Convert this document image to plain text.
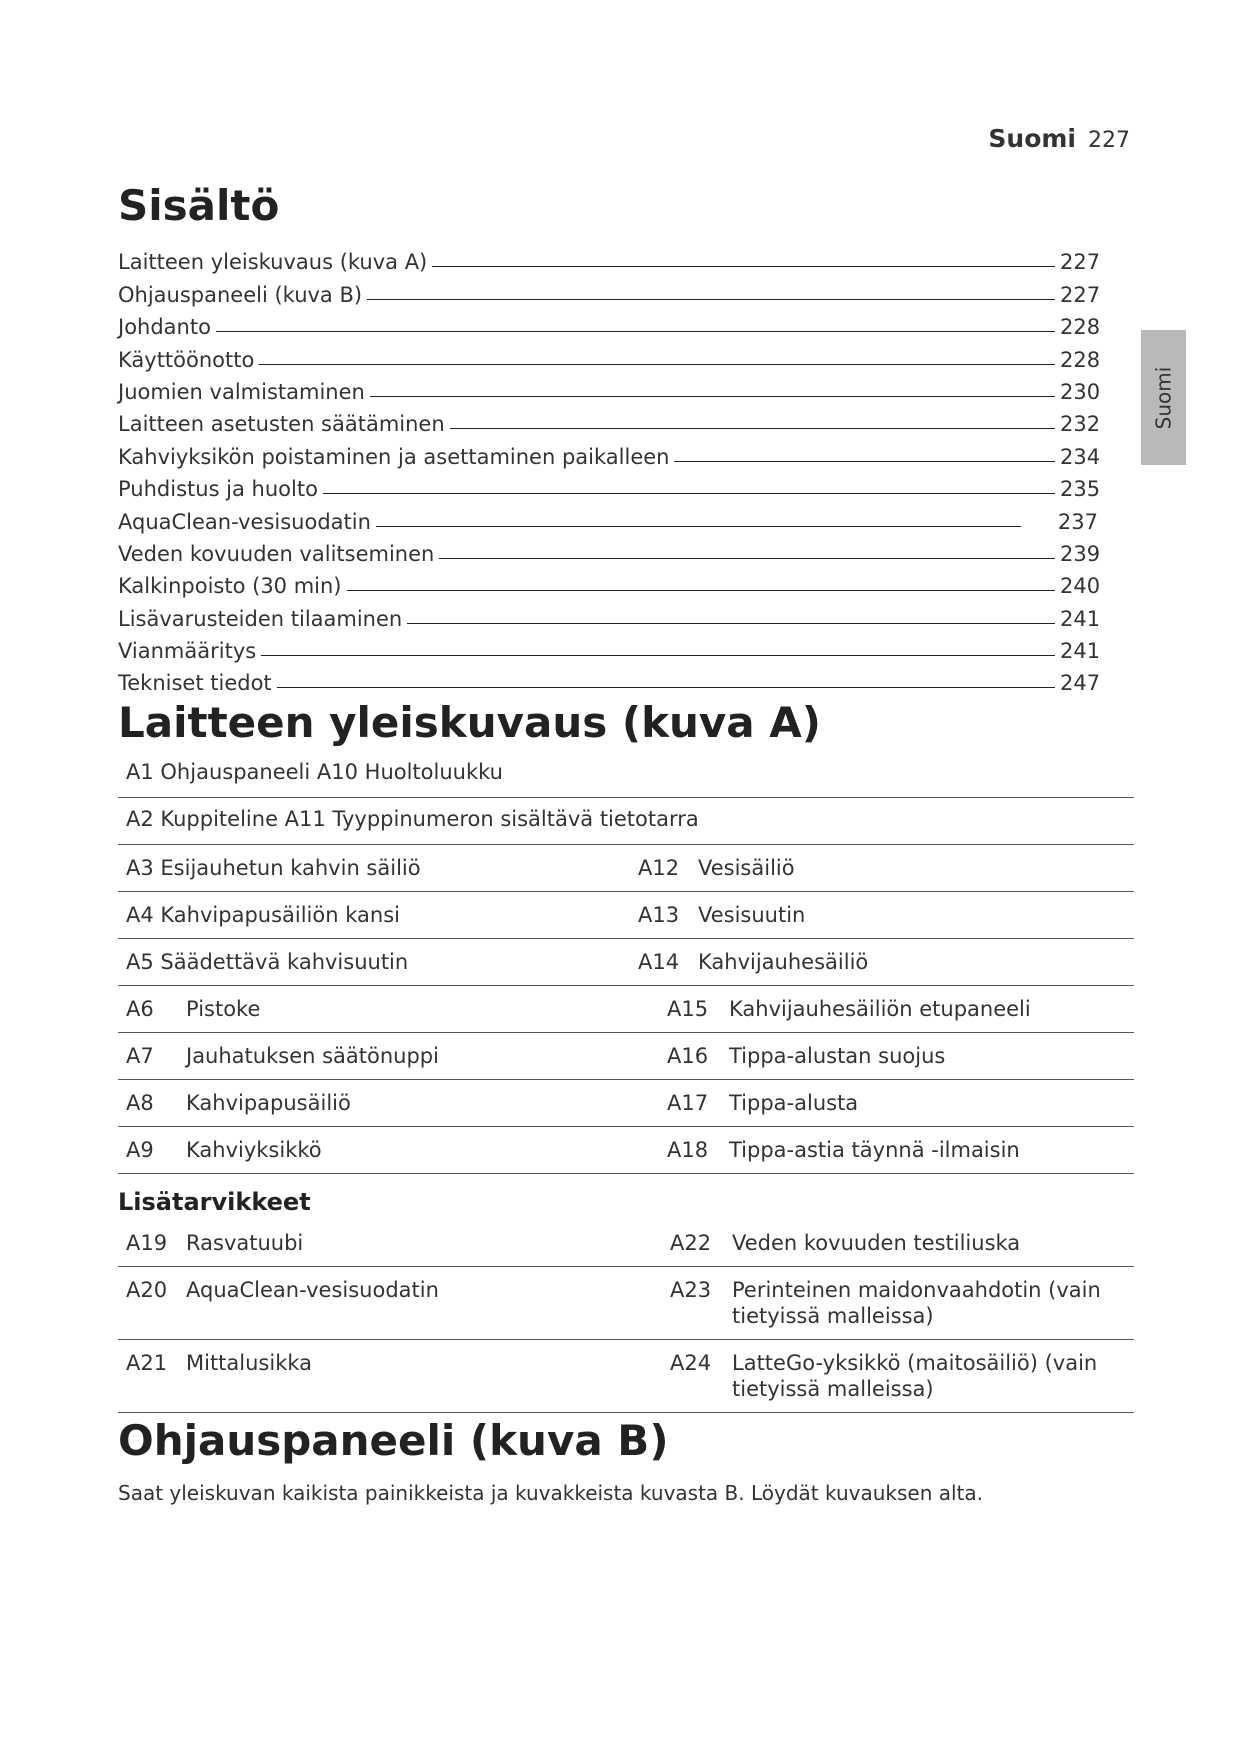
Suomi 227
Suomi
Sisältö
Laitteen yleiskuvaus (kuva A)	227
Ohjauspaneeli (kuva B)	227
Johdanto	228
Käyttöönotto	228
Juomien valmistaminen	230
Laitteen asetusten säätäminen	232
Kahviyksikön poistaminen ja asettaminen paikalleen	234
Puhdistus ja huolto	235
AquaClean-vesisuodatin	237
Veden kovuuden valitseminen	239
Kalkinpoisto (30 min)	240
Lisävarusteiden tilaaminen	241
Vianmääritys	241
Tekniset tiedot	247
Laitteen yleiskuvaus (kuva A)
A1 Ohjauspaneeli A10 Huoltoluukku
A2 Kuppiteline A11 Tyyppinumeron sisältävä tietotarra
A3 Esijauhetun kahvin säiliö	A12 Vesisäiliö
A4 Kahvipapusäiliön kansi	A13 Vesisuutin
A5 Säädettävä kahvisuutin	A14 Kahvijauhesäiliö
A6	Pistoke	A15 Kahvijauhesäiliön etupaneeli
A7	Jauhatuksen säätönuppi	A16 Tippa-alustan suojus
A8	Kahvipapusäiliö	A17 Tippa-alusta
A9	Kahviyksikkö	A18 Tippa-astia täynnä -ilmaisin
Lisätarvikkeet
A19 Rasvatuubi	A22 Veden kovuuden testiliuska
A20 AquaClean-vesisuodatin	A23 Perinteinen maidonvaahdotin (vain tietyissä malleissa)
A21 Mittalusikka	A24 LatteGo-yksikkö (maitosäiliö) (vain tietyissä malleissa)
Ohjauspaneeli (kuva B)

Saat yleiskuvan kaikista painikkeista ja kuvakkeista kuvasta B. Löydät kuvauksen alta.
